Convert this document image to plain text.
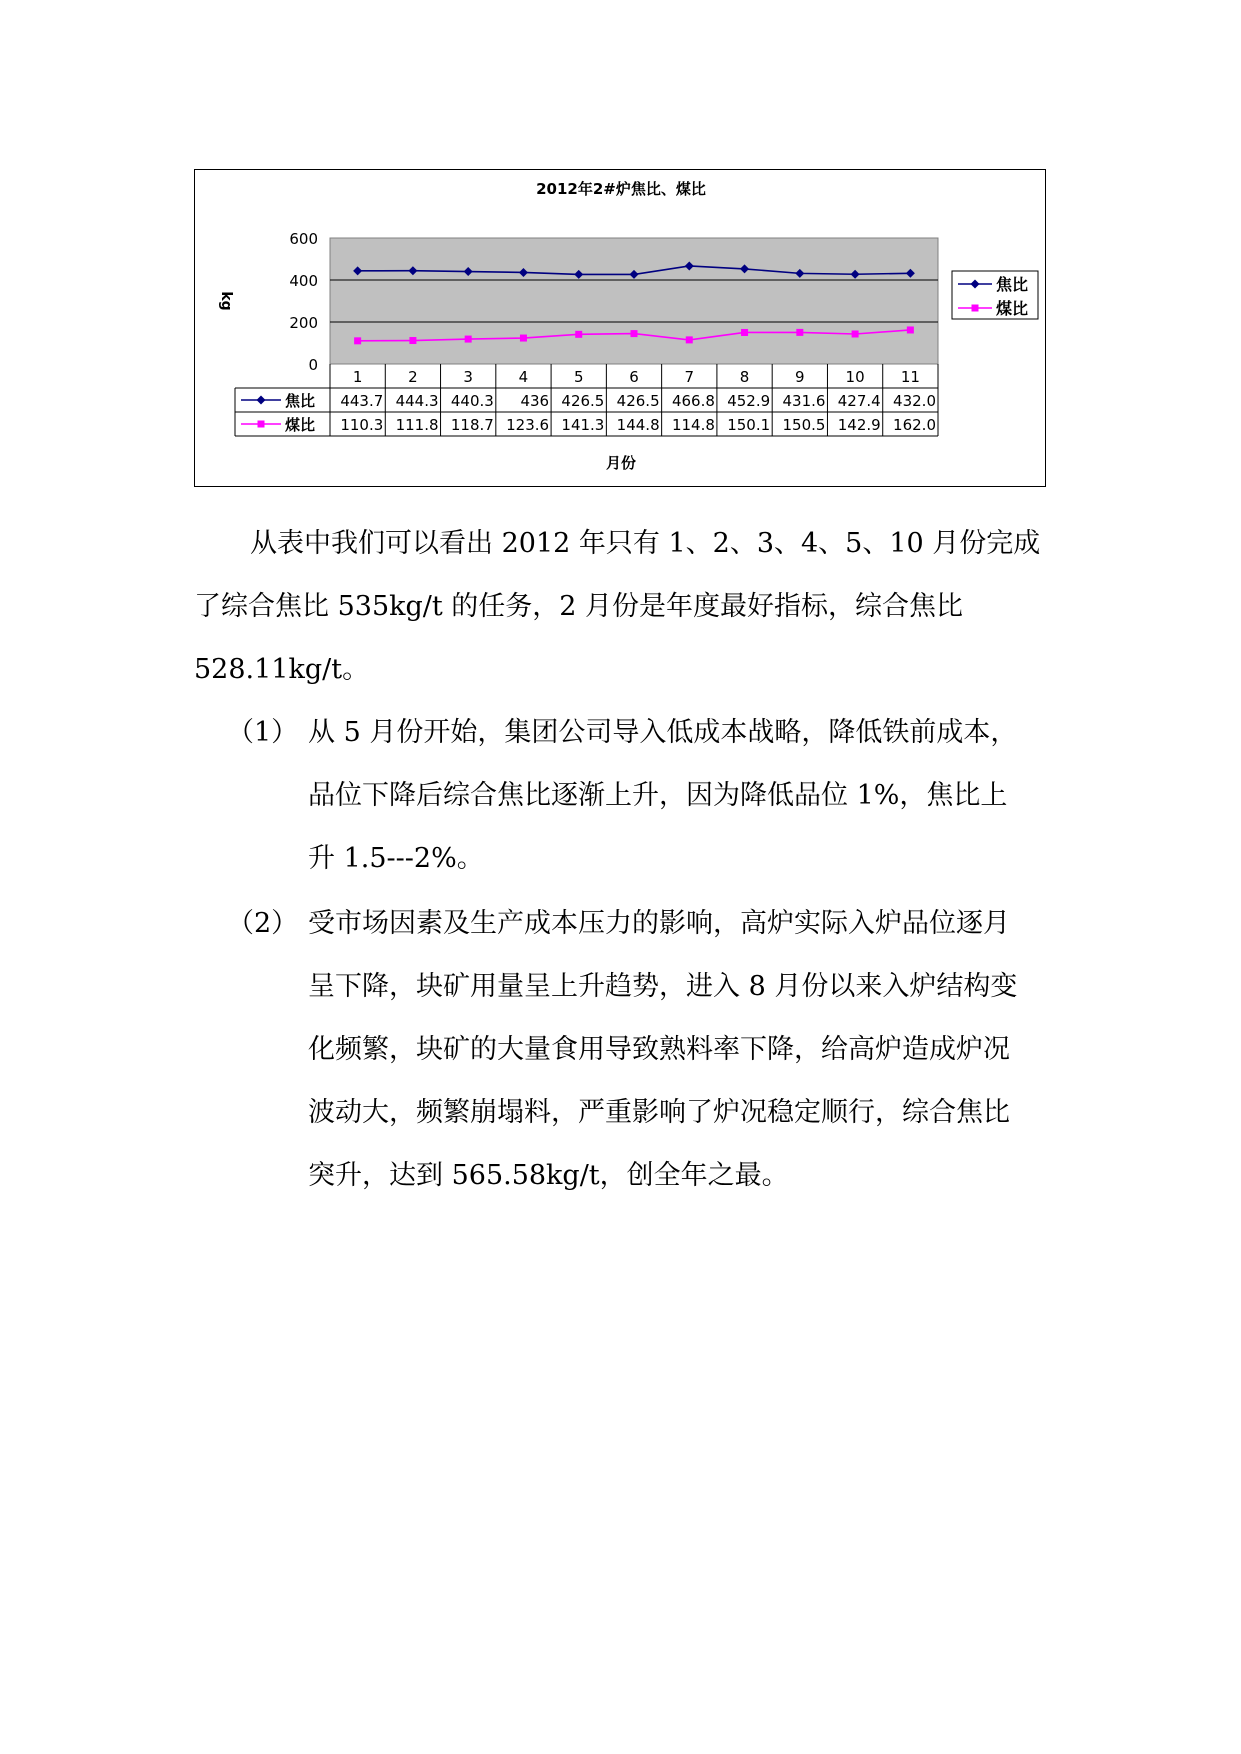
2012年2#炉焦比、煤比
600
400
200
0
kg
1	2	3	4	5	6	7	8	9	10 11
焦比 443.7 444.3 440.3 436 426.5 426.5 466.8 452.9 431.6 427.4 432.0
煤比 110.3 111.8 118.7 123.6 141.3 144.8 114.8 150.1 150.5 142.9 162.0
月份
焦比
煤比
从表中我们可以看出 2012 年只有 1、2、3、4、5、10 月份完成
了综合焦比 535kg/t 的任务，2 月份是年度最好指标，综合焦比
528.11kg/t。
（1） 从 5 月份开始，集团公司导入低成本战略，降低铁前成本，
品位下降后综合焦比逐渐上升，因为降低品位 1%，焦比上
升 1.5---2%。
（2） 受市场因素及生产成本压力的影响，高炉实际入炉品位逐月
呈下降，块矿用量呈上升趋势，进入 8 月份以来入炉结构变
化频繁，块矿的大量食用导致熟料率下降，给高炉造成炉况
波动大，频繁崩塌料，严重影响了炉况稳定顺行，综合焦比
突升，达到 565.58kg/t，创全年之最。
